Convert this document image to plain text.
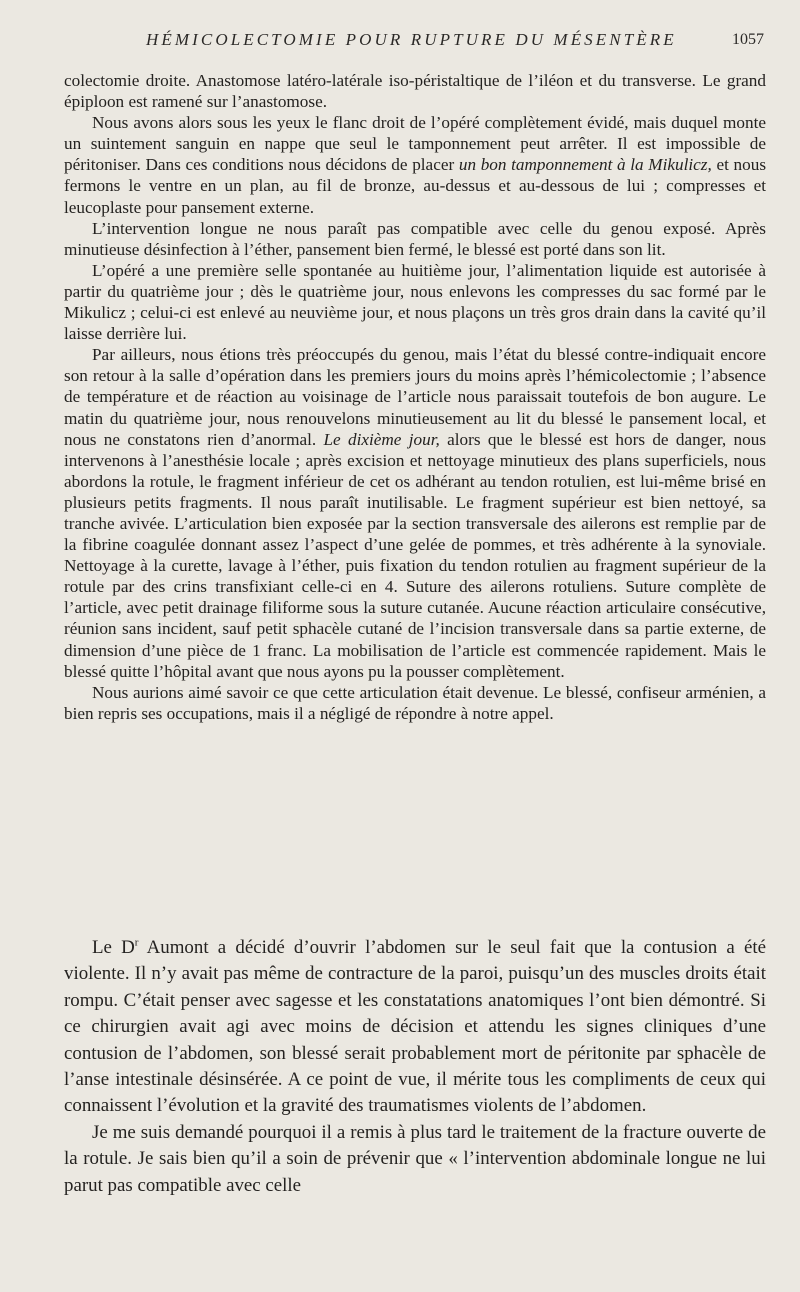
HÉMICOLECTOMIE POUR RUPTURE DU MÉSENTÈRE	1057

colectomie droite. Anastomose latéro-latérale iso-péristaltique de l’iléon et du transverse. Le grand épiploon est ramené sur l’anastomose.

Nous avons alors sous les yeux le flanc droit de l’opéré complètement évidé, mais duquel monte un suintement sanguin en nappe que seul le tamponnement peut arrêter. Il est impossible de péritoniser. Dans ces conditions nous décidons de placer un bon tamponnement à la Mikulicz, et nous fermons le ventre en un plan, au fil de bronze, au-dessus et au-dessous de lui ; compresses et leucoplaste pour pansement externe.

L’intervention longue ne nous paraît pas compatible avec celle du genou exposé. Après minutieuse désinfection à l’éther, pansement bien fermé, le blessé est porté dans son lit.

L’opéré a une première selle spontanée au huitième jour, l’alimentation liquide est autorisée à partir du quatrième jour ; dès le quatrième jour, nous enlevons les compresses du sac formé par le Mikulicz ; celui-ci est enlevé au neuvième jour, et nous plaçons un très gros drain dans la cavité qu’il laisse derrière lui.

Par ailleurs, nous étions très préoccupés du genou, mais l’état du blessé contre-indiquait encore son retour à la salle d’opération dans les premiers jours du moins après l’hémicolectomie ; l’absence de température et de réaction au voisinage de l’article nous paraissait toutefois de bon augure. Le matin du quatrième jour, nous renouvelons minutieusement au lit du blessé le pansement local, et nous ne constatons rien d’anormal. Le dixième jour, alors que le blessé est hors de danger, nous intervenons à l’anesthésie locale ; après excision et nettoyage minutieux des plans superficiels, nous abordons la rotule, le fragment inférieur de cet os adhérant au tendon rotulien, est lui-même brisé en plusieurs petits fragments. Il nous paraît inutilisable. Le fragment supérieur est bien nettoyé, sa tranche avivée. L’articulation bien exposée par la section transversale des ailerons est remplie par de la fibrine coagulée donnant assez l’aspect d’une gelée de pommes, et très adhérente à la synoviale. Nettoyage à la curette, lavage à l’éther, puis fixation du tendon rotulien au fragment supérieur de la rotule par des crins transfixiant celle-ci en 4. Suture des ailerons rotuliens. Suture complète de l’article, avec petit drainage filiforme sous la suture cutanée. Aucune réaction articulaire consécutive, réunion sans incident, sauf petit sphacèle cutané de l’incision transversale dans sa partie externe, de dimension d’une pièce de 1 franc. La mobilisation de l’article est commencée rapidement. Mais le blessé quitte l’hôpital avant que nous ayons pu la pousser complètement.

Nous aurions aimé savoir ce que cette articulation était devenue. Le blessé, confiseur arménien, a bien repris ses occupations, mais il a négligé de répondre à notre appel.

Le $D^r$ Aumont a décidé d’ouvrir l’abdomen sur le seul fait que la contusion a été violente. Il n’y avait pas même de contracture de la paroi, puisqu’un des muscles droits était rompu. C’était penser avec sagesse et les constatations anatomiques l’ont bien démontré. Si ce chirurgien avait agi avec moins de décision et attendu les signes cliniques d’une contusion de l’abdomen, son blessé serait probablement mort de péritonite par sphacèle de l’anse intestinale désinsérée. A ce point de vue, il mérite tous les compliments de ceux qui connaissent l’évolution et la gravité des traumatismes violents de l’abdomen.

Je me suis demandé pourquoi il a remis à plus tard le traitement de la fracture ouverte de la rotule. Je sais bien qu’il a soin de prévenir que « l’intervention abdominale longue ne lui parut pas compatible avec celle
